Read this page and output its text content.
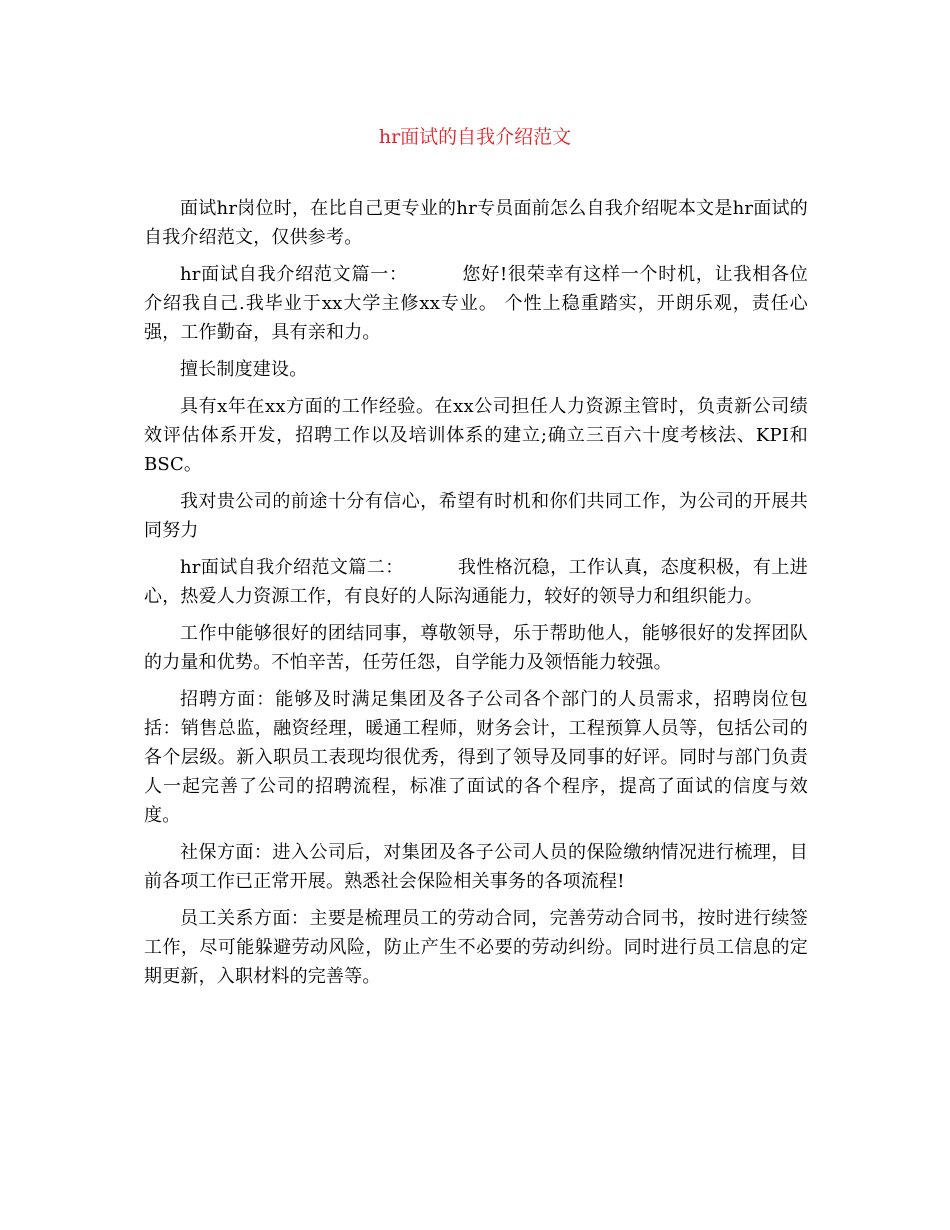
hr面试的自我介绍范文

面试hr岗位时，在比自己更专业的hr专员面前怎么自我介绍呢本文是hr面试的自我介绍范文，仅供参考。

hr面试自我介绍范文篇一：	您好!很荣幸有这样一个时机，让我相各位介绍我自己.我毕业于xx大学主修xx专业。 个性上稳重踏实，开朗乐观，责任心强，工作勤奋，具有亲和力。

擅长制度建设。

具有x年在xx方面的工作经验。在xx公司担任人力资源主管时，负责新公司绩效评估体系开发，招聘工作以及培训体系的建立;确立三百六十度考核法、KPI和BSC。

我对贵公司的前途十分有信心，希望有时机和你们共同工作，为公司的开展共同努力

hr面试自我介绍范文篇二：	我性格沉稳，工作认真，态度积极，有上进心，热爱人力资源工作，有良好的人际沟通能力，较好的领导力和组织能力。

工作中能够很好的团结同事，尊敬领导，乐于帮助他人，能够很好的发挥团队的力量和优势。不怕辛苦，任劳任怨，自学能力及领悟能力较强。

招聘方面：能够及时满足集团及各子公司各个部门的人员需求，招聘岗位包括：销售总监，融资经理，暖通工程师，财务会计，工程预算人员等，包括公司的各个层级。新入职员工表现均很优秀，得到了领导及同事的好评。同时与部门负责人一起完善了公司的招聘流程，标准了面试的各个程序，提高了面试的信度与效度。

社保方面：进入公司后，对集团及各子公司人员的保险缴纳情况进行梳理，目前各项工作已正常开展。熟悉社会保险相关事务的各项流程!

员工关系方面：主要是梳理员工的劳动合同，完善劳动合同书，按时进行续签工作，尽可能躲避劳动风险，防止产生不必要的劳动纠纷。同时进行员工信息的定期更新，入职材料的完善等。
